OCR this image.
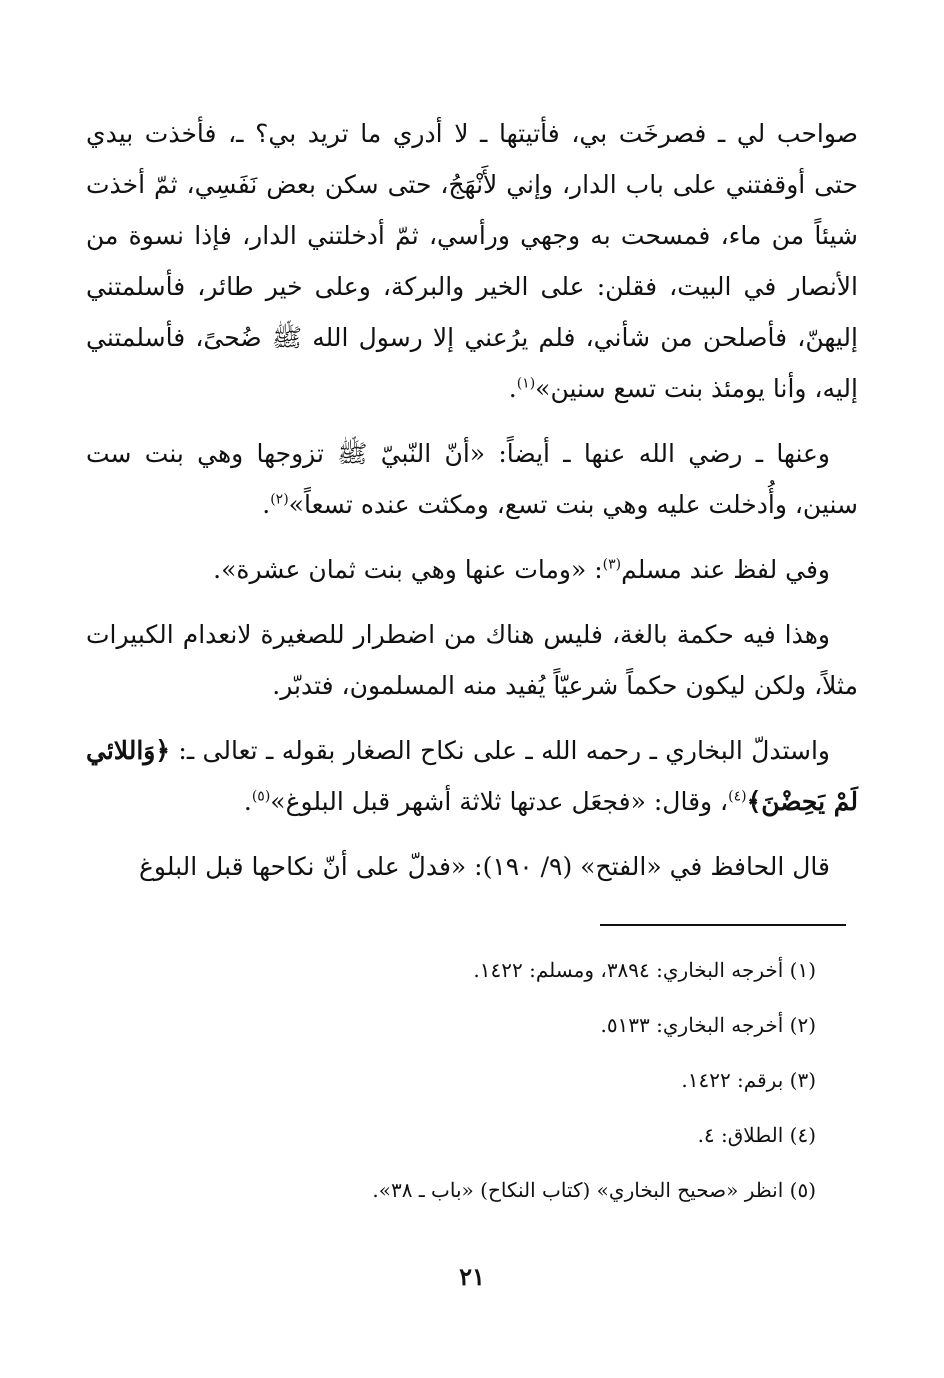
صواحب لي ـ فصرخَت بي، فأتيتها ـ لا أدري ما تريد بي؟ ـ، فأخذت بيدي حتى أوقفتني على باب الدار، وإني لأَنْهَجُ، حتى سكن بعض نَفَسِي، ثمّ أخذت شيئاً من ماء، فمسحت به وجهي ورأسي، ثمّ أدخلتني الدار، فإذا نسوة من الأنصار في البيت، فقلن: على الخير والبركة، وعلى خير طائر، فأسلمتني إليهنّ، فأصلحن من شأني، فلم يرُعني إلا رسول الله ﷺ ضُحىً، فأسلمتني إليه، وأنا يومئذ بنت تسع سنين»$^{(١)}$.

وعنها ـ رضي الله عنها ـ أيضاً: «أنّ النّبيّ ﷺ تزوجها وهي بنت ست سنين، وأُدخلت عليه وهي بنت تسع، ومكثت عنده تسعاً»$^{(٢)}$.

وفي لفظ عند مسلم$^{(٣)}$: «ومات عنها وهي بنت ثمان عشرة».

وهذا فيه حكمة بالغة، فليس هناك من اضطرار للصغيرة لانعدام الكبيرات مثلاً، ولكن ليكون حكماً شرعيّاً يُفيد منه المسلمون، فتدبّر.

واستدلّ البخاري ـ رحمه الله ـ على نكاح الصغار بقوله ـ تعالى ـ: ﴿وَاللائي لَمْ يَحِضْنَ﴾$^{(٤)}$، وقال: «فجعَل عدتها ثلاثة أشهر قبل البلوغ»$^{(٥)}$.

قال الحافظ في «الفتح» (٩/ ١٩٠): «فدلّ على أنّ نكاحها قبل البلوغ

(١) أخرجه البخاري: ٣٨٩٤، ومسلم: ١٤٢٢.
(٢) أخرجه البخاري: ٥١٣٣.
(٣) برقم: ١٤٢٢.
(٤) الطلاق: ٤.
(٥) انظر «صحيح البخاري» (كتاب النكاح) «باب ـ ٣٨».
٢١
